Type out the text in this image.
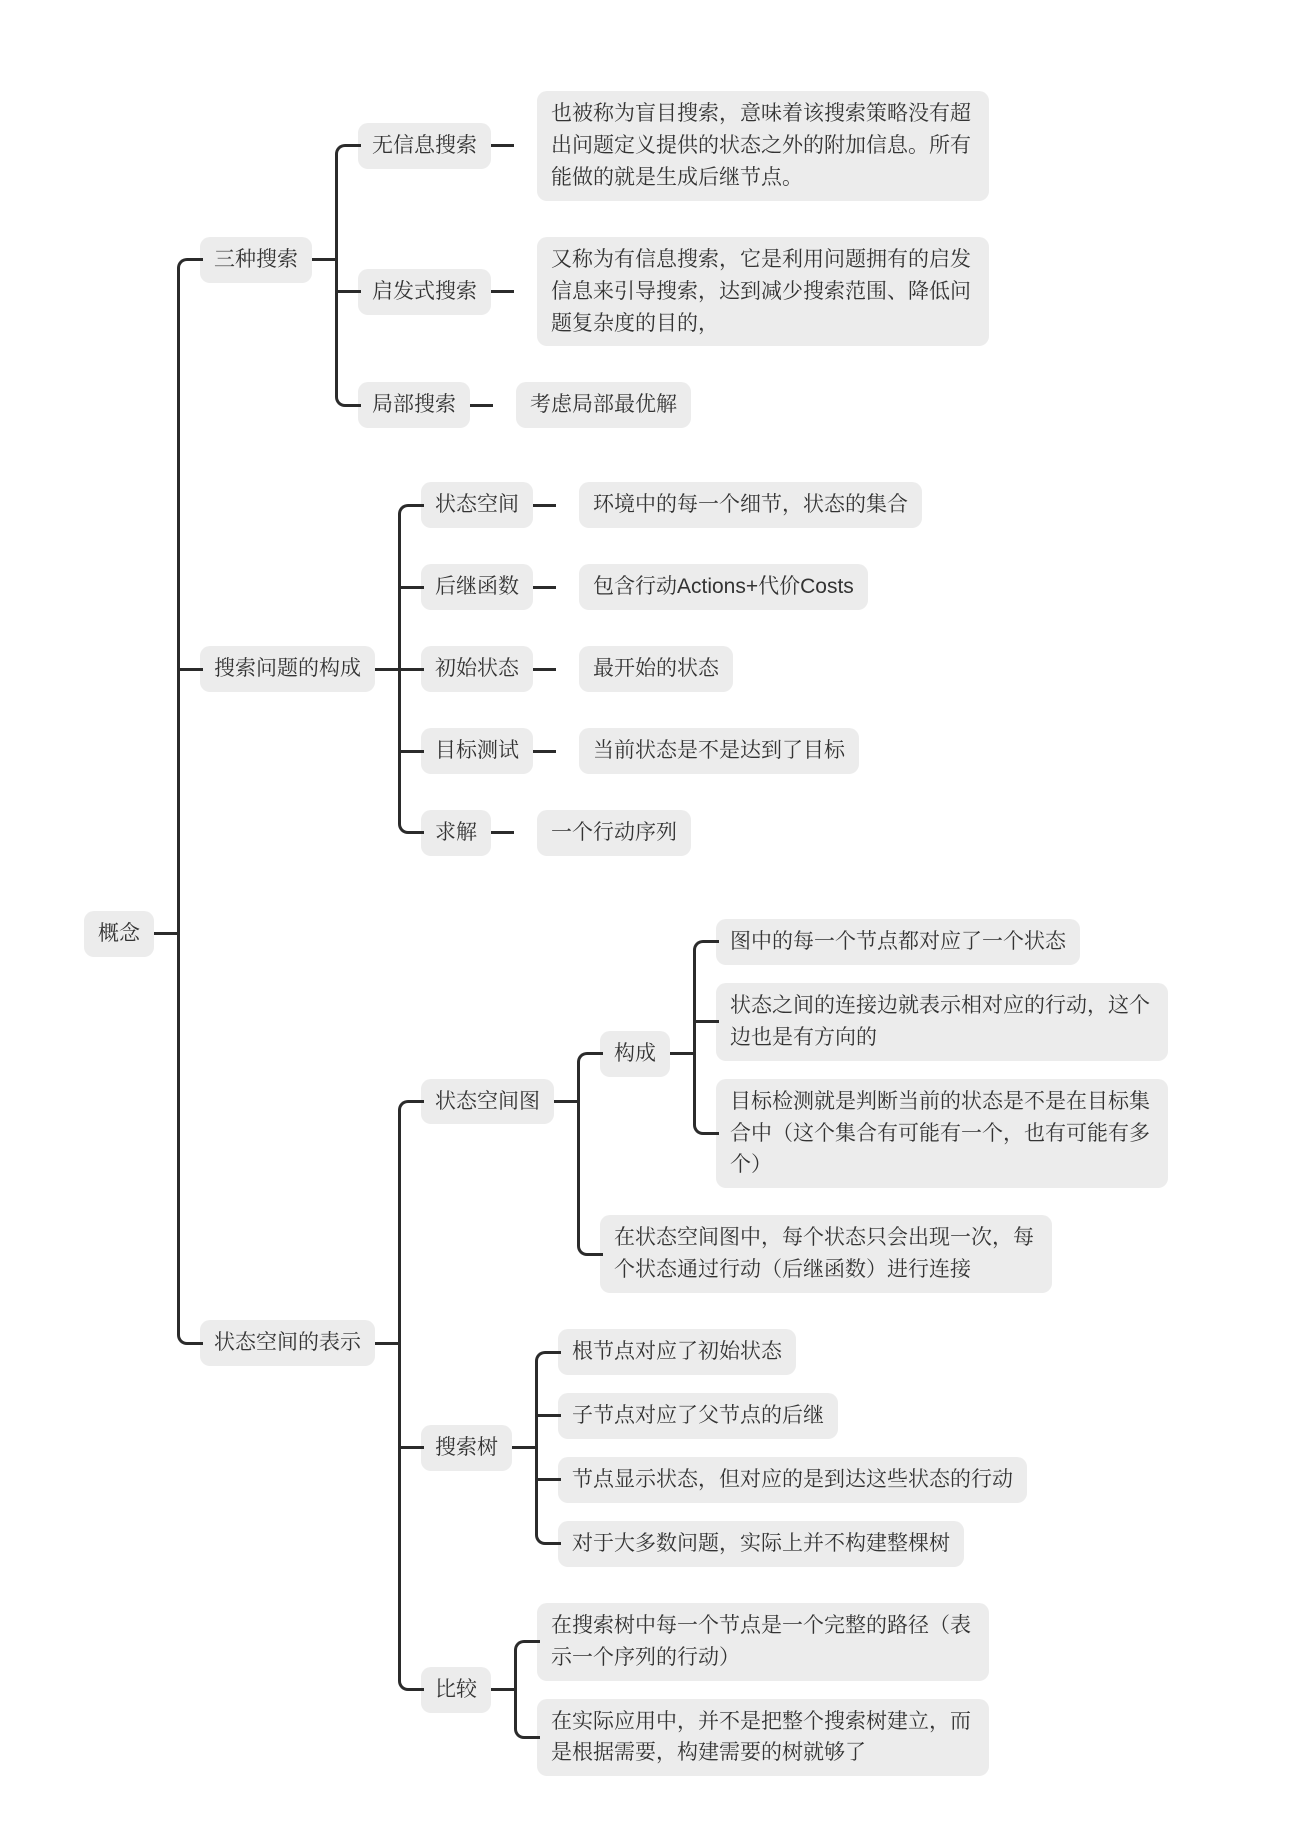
概念
三种搜索
无信息搜索
也被称为盲目搜索，意味着该搜索策略没有超出问题定义提供的状态之外的附加信息。所有能做的就是生成后继节点。
启发式搜索
又称为有信息搜索，它是利用问题拥有的启发信息来引导搜索，达到减少搜索范围、降低问题复杂度的目的，
局部搜索	考虑局部最优解
搜索问题的构成
状态空间	环境中的每一个细节，状态的集合
后继函数	包含行动Actions+代价Costs
初始状态	最开始的状态
目标测试	当前状态是不是达到了目标
求解	一个行动序列
状态空间的表示
状态空间图
构成
图中的每一个节点都对应了一个状态
状态之间的连接边就表示相对应的行动，这个边也是有方向的
目标检测就是判断当前的状态是不是在目标集合中（这个集合有可能有一个，也有可能有多个）
在状态空间图中，每个状态只会出现一次，每个状态通过行动（后继函数）进行连接
搜索树
根节点对应了初始状态
子节点对应了父节点的后继
节点显示状态，但对应的是到达这些状态的行动
对于大多数问题，实际上并不构建整棵树
比较
在搜索树中每一个节点是一个完整的路径（表示一个序列的行动）
在实际应用中，并不是把整个搜索树建立，而是根据需要，构建需要的树就够了
